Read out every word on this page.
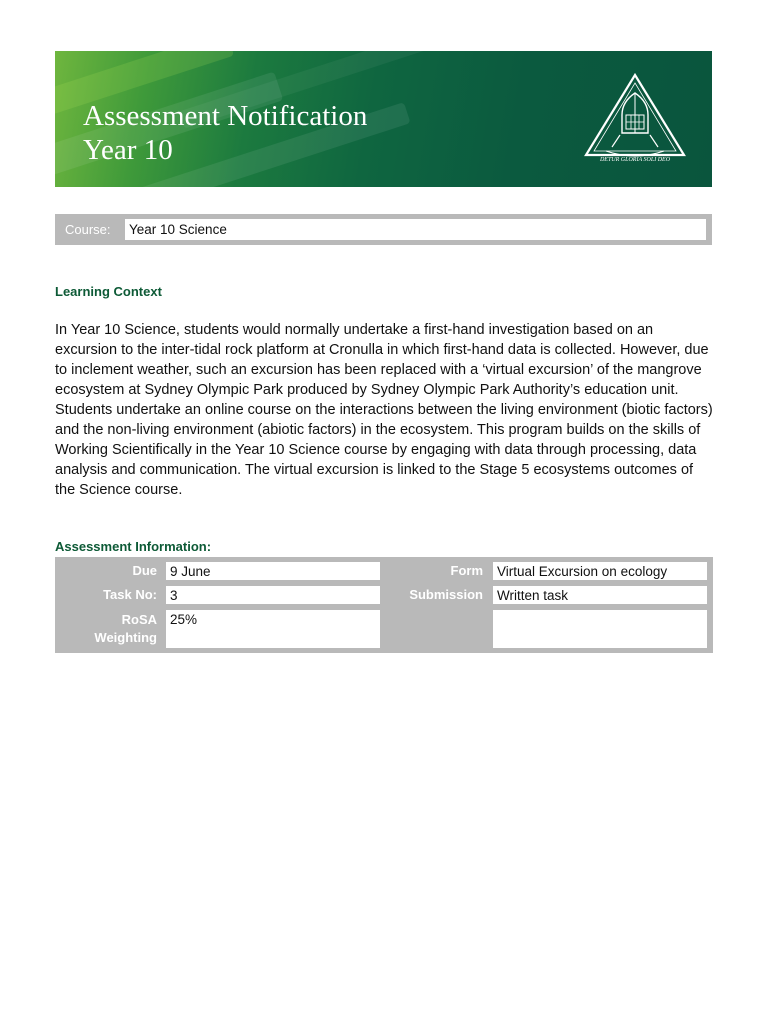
Assessment Notification
Year 10	DETUR GLORIA SOLI DEO
Course: Year 10 Science
Learning Context
In Year 10 Science, students would normally undertake a first-hand investigation based on an excursion to the inter-tidal rock platform at Cronulla in which first-hand data is collected. However, due to inclement weather, such an excursion has been replaced with a ‘virtual excursion’ of the mangrove ecosystem at Sydney Olympic Park produced by Sydney Olympic Park Authority’s education unit. Students undertake an online course on the interactions between the living environment (biotic factors) and the non-living environment (abiotic factors) in the ecosystem. This program builds on the skills of Working Scientifically in the Year 10 Science course by engaging with data through processing, data analysis and communication. The virtual excursion is linked to the Stage 5 ecosystems outcomes of the Science course.
Assessment Information:
Due 9 June
Task No: 3
RoSA
Weighting
25%
Form Virtual Excursion on ecology
Submission Written task
